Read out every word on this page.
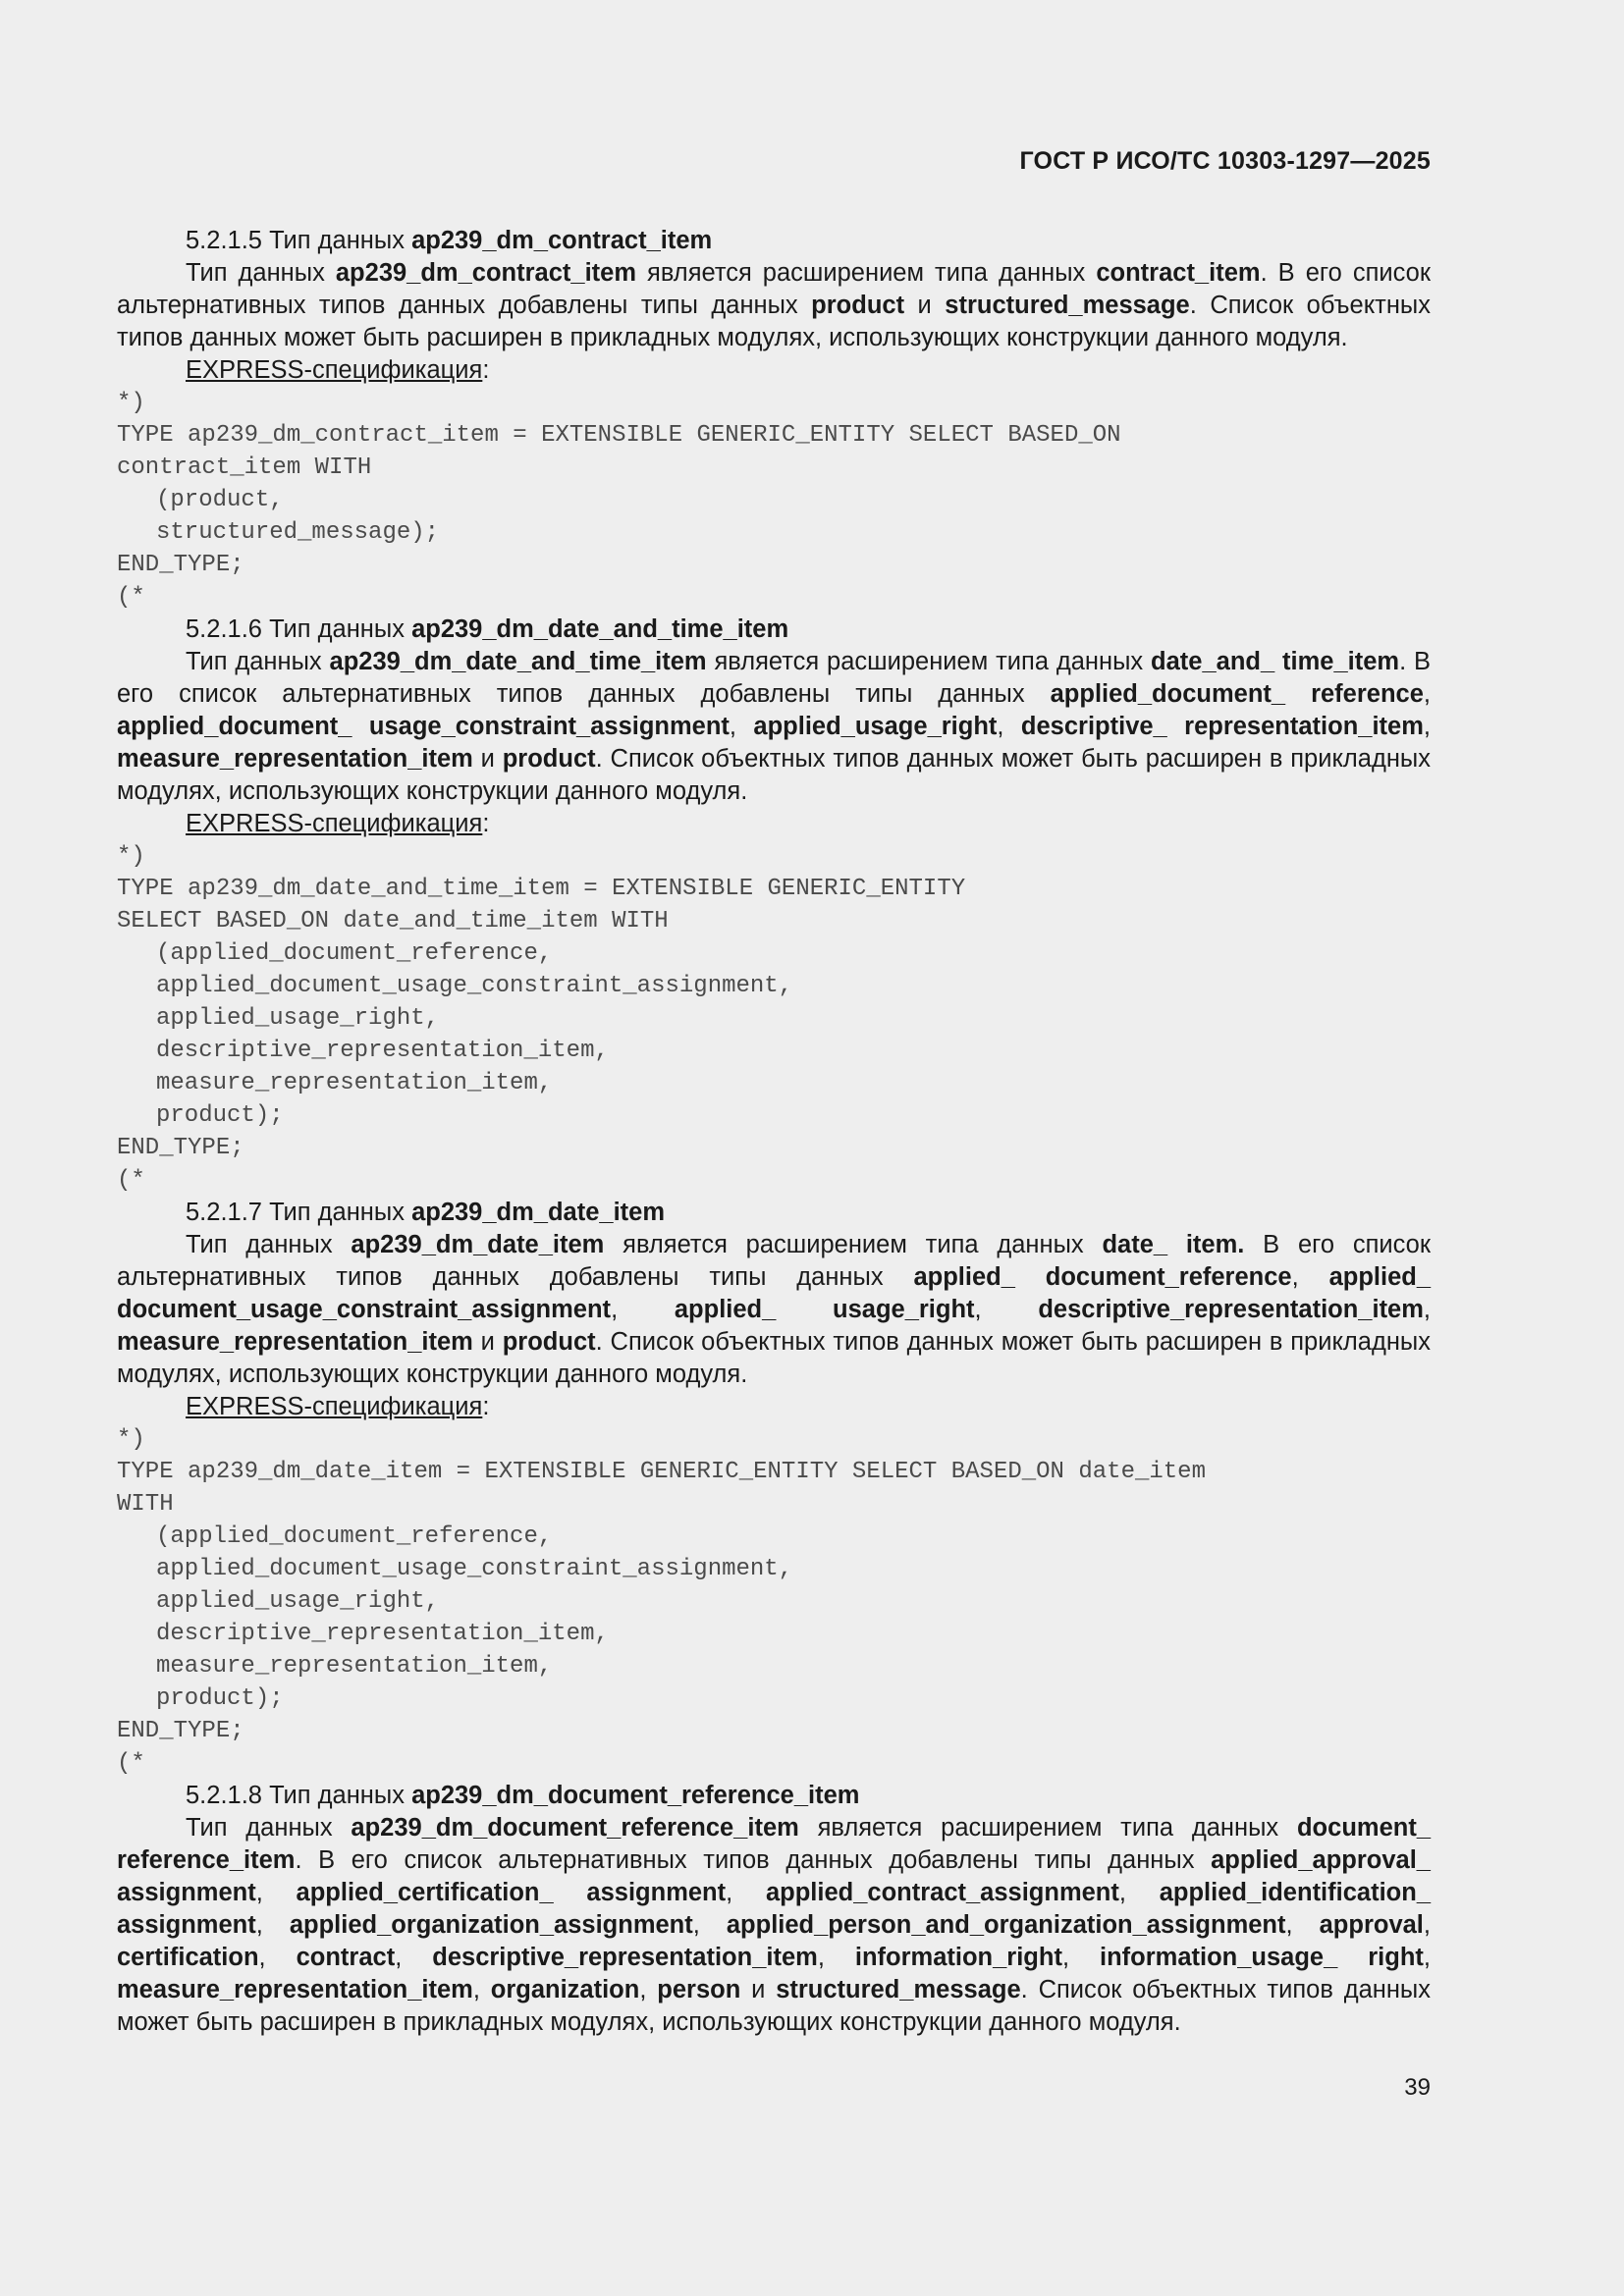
ГОСТ Р ИСО/ТС 10303-1297—2025
5.2.1.5 Тип данных ap239_dm_contract_item
Тип данных ap239_dm_contract_item является расширением типа данных contract_item. В его список альтернативных типов данных добавлены типы данных product и structured_message. Список объектных типов данных может быть расширен в прикладных модулях, использующих конструкции данного модуля.
EXPRESS-спецификация:
*)
TYPE ap239_dm_contract_item = EXTENSIBLE GENERIC_ENTITY SELECT BASED_ON
contract_item WITH
(product,
structured_message);
END_TYPE;
(*
5.2.1.6 Тип данных ap239_dm_date_and_time_item
Тип данных ap239_dm_date_and_time_item является расширением типа данных date_and_ time_item. В его список альтернативных типов данных добавлены типы данных applied_document_ reference, applied_document_ usage_constraint_assignment, applied_usage_right, descriptive_ representation_item, measure_representation_item и product. Список объектных типов данных может быть расширен в прикладных модулях, использующих конструкции данного модуля.
EXPRESS-спецификация:
*)
TYPE ap239_dm_date_and_time_item = EXTENSIBLE GENERIC_ENTITY
SELECT BASED_ON date_and_time_item WITH
(applied_document_reference,
applied_document_usage_constraint_assignment,
applied_usage_right,
descriptive_representation_item,
measure_representation_item,
product);
END_TYPE;
(*
5.2.1.7 Тип данных ap239_dm_date_item
Тип данных ap239_dm_date_item является расширением типа данных date_ item. В его список альтернативных типов данных добавлены типы данных applied_ document_reference, applied_ document_usage_constraint_assignment, applied_ usage_right, descriptive_representation_item, measure_representation_item и product. Список объектных типов данных может быть расширен в прикладных модулях, использующих конструкции данного модуля.
EXPRESS-спецификация:
*)
TYPE ap239_dm_date_item = EXTENSIBLE GENERIC_ENTITY SELECT BASED_ON date_item
WITH
(applied_document_reference,
applied_document_usage_constraint_assignment,
applied_usage_right,
descriptive_representation_item,
measure_representation_item,
product);
END_TYPE;
(*
5.2.1.8 Тип данных ap239_dm_document_reference_item
Тип данных ap239_dm_document_reference_item является расширением типа данных document_ reference_item. В его список альтернативных типов данных добавлены типы данных applied_approval_ assignment, applied_certification_ assignment, applied_contract_assignment, applied_identification_ assignment, applied_organization_assignment, applied_person_and_organization_assignment, approval, certification, contract, descriptive_representation_item, information_right, information_usage_ right, measure_representation_item, organization, person и structured_message. Список объектных типов данных может быть расширен в прикладных модулях, использующих конструкции данного модуля.
39
